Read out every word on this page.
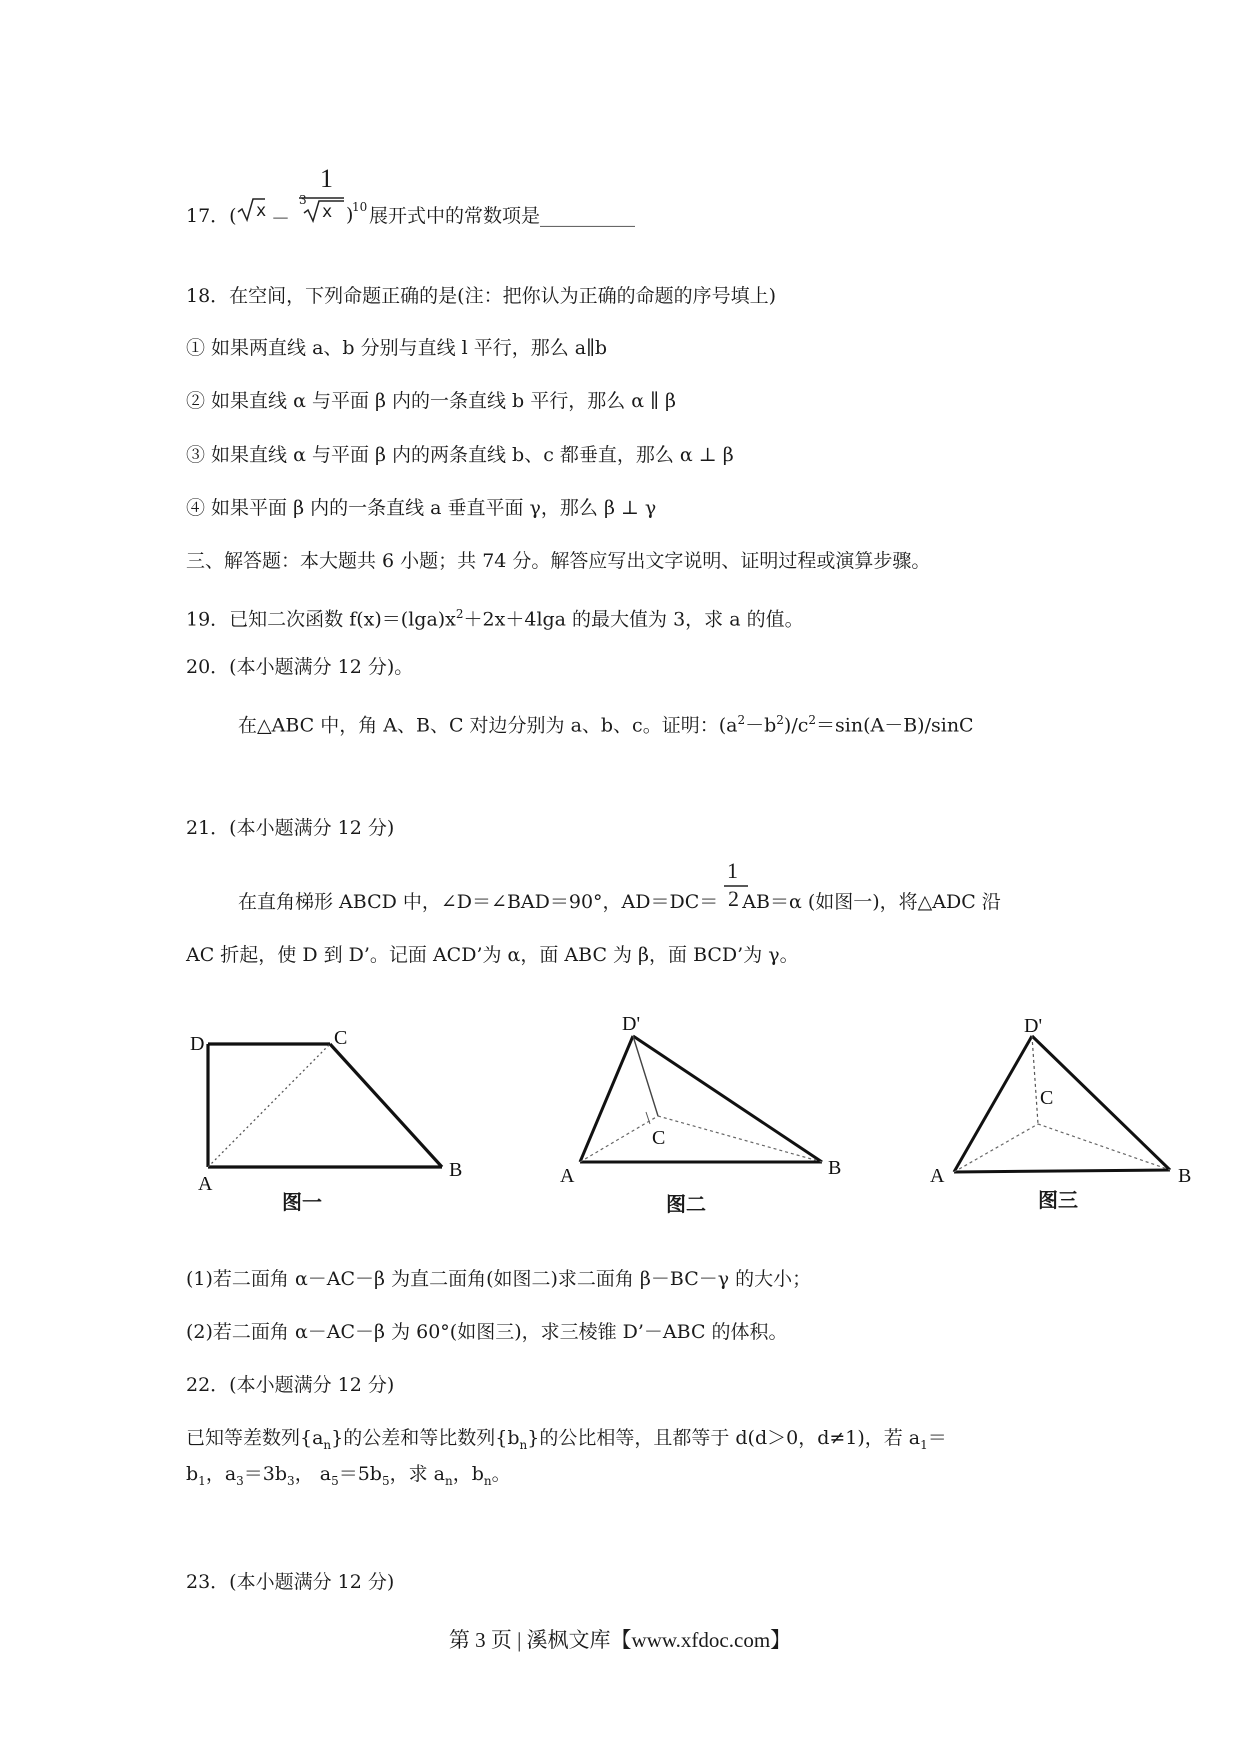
1
17．( x －
3
x )
10 展开式中的常数项是__________
18．在空间，下列命题正确的是(注：把你认为正确的命题的序号填上)
① 如果两直线 a、b 分别与直线 l 平行，那么 a∥b
② 如果直线 α 与平面 β 内的一条直线 b 平行，那么 α ∥ β
③ 如果直线 α 与平面 β 内的两条直线 b、c 都垂直，那么 α ⊥ β
④ 如果平面 β 内的一条直线 a 垂直平面 γ，那么 β ⊥ γ
三、解答题：本大题共 6 小题；共 74 分。解答应写出文字说明、证明过程或演算步骤。
19．已知二次函数 $f(x)=(\lg a)x^2+2x+4\lg a$ 的最大值为 3，求 a 的值。
20．(本小题满分 12 分)。
在△ABC 中，角 A、B、C 对边分别为 a、b、c。证明：$(a^2-b^2)/c^2=\sin(A-B)$/sinC
21．(本小题满分 12 分)
1
2
在直角梯形 ABCD 中，∠D＝∠BAD＝90°，AD＝DC＝ AB＝α (如图一)，将△ADC 沿
AC 折起，使 D 到 D’。记面 ACD’为 α，面 ABC 为 β，面 BCD’为 γ。
D	C
A
B
图一
D'
C
A	B
图二
D'
C
A	B
图三
(1)若二面角 α－AC－β 为直二面角(如图二)求二面角 β－BC－γ 的大小；
(2)若二面角 α－AC－β 为 60°(如图三)，求三棱锥 D’－ABC 的体积。
22．(本小题满分 12 分)
已知等差数列$\{a_n\}$的公差和等比数列$\{b_n\}$的公比相等，且都等于 d(d＞0，d≠1)，若 $a_1=$
$b_1$，$a_3=3b_3$， $a_5=5b_5$，求 $a_n$，$b_n$。
23．(本小题满分 12 分)
第 3 页 | 溪枫文库【www.xfdoc.com】
